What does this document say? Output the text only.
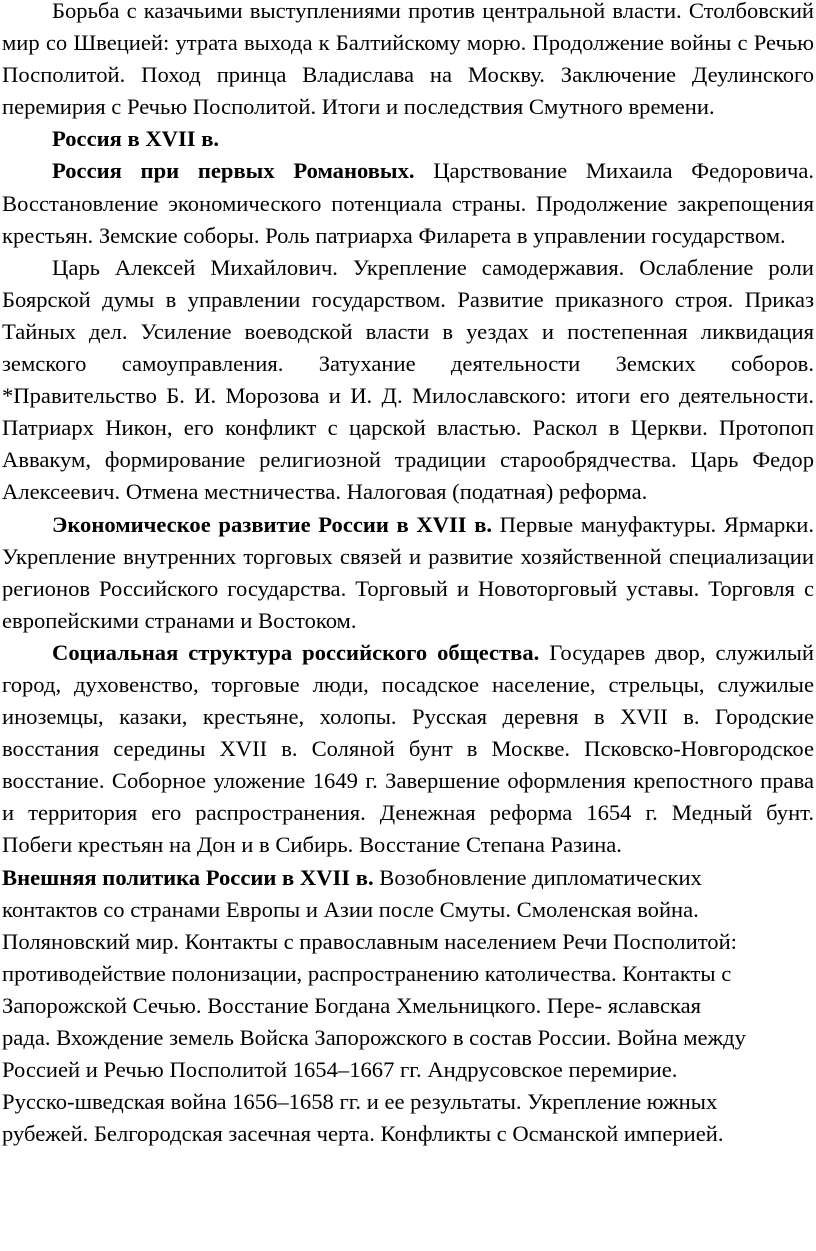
Борьба с казачьими выступлениями против центральной власти. Столбовский мир со Швецией: утрата выхода к Балтийскому морю. Продолжение войны с Речью Посполитой. Поход принца Владислава на Москву. Заключение Деулинского перемирия с Речью Посполитой. Итоги и последствия Смутного времени.

Россия в XVII в.

Россия при первых Романовых. Царствование Михаила Федоровича. Восстановление экономического потенциала страны. Продолжение закрепощения крестьян. Земские соборы. Роль патриарха Филарета в управлении государством.

Царь Алексей Михайлович. Укрепление самодержавия. Ослабление роли Боярской думы в управлении государством. Развитие приказного строя. Приказ Тайных дел. Усиление воеводской власти в уездах и постепенная ликвидация земского самоуправления. Затухание деятельности Земских соборов. *Правительство Б. И. Морозова и И. Д. Милославского: итоги его деятельности. Патриарх Никон, его конфликт с царской властью. Раскол в Церкви. Протопоп Аввакум, формирование религиозной традиции старообрядчества. Царь Федор Алексеевич. Отмена местничества. Налоговая (податная) реформа.

Экономическое развитие России в XVII в. Первые мануфактуры. Ярмарки. Укрепление внутренних торговых связей и развитие хозяйственной специализации регионов Российского государства. Торговый и Новоторговый уставы. Торговля с европейскими странами и Востоком.

Социальная структура российского общества. Государев двор, служилый город, духовенство, торговые люди, посадское население, стрельцы, служилые иноземцы, казаки, крестьяне, холопы. Русская деревня в XVII в. Городские восстания середины XVII в. Соляной бунт в Москве. Псковско-Новгородское восстание. Соборное уложение 1649 г. Завершение оформления крепостного права и территория его распространения. Денежная реформа 1654 г. Медный бунт. Побеги крестьян на Дон и в Сибирь. Восстание Степана Разина.

Внешняя политика России в XVII в. Возобновление дипломатических
контактов со странами Европы и Азии после Смуты. Смоленская война.
Поляновский мир. Контакты с православным населением Речи Посполитой:
противодействие полонизации, распространению католичества. Контакты с
Запорожской Сечью. Восстание Богдана Хмельницкого. Пере- яславская
рада. Вхождение земель Войска Запорожского в состав России. Война между
Россией и Речью Посполитой 1654–1667 гг. Андрусовское перемирие.
Русско-шведская война 1656–1658 гг. и ее результаты. Укрепление южных
рубежей. Белгородская засечная черта. Конфликты с Османской империей.
